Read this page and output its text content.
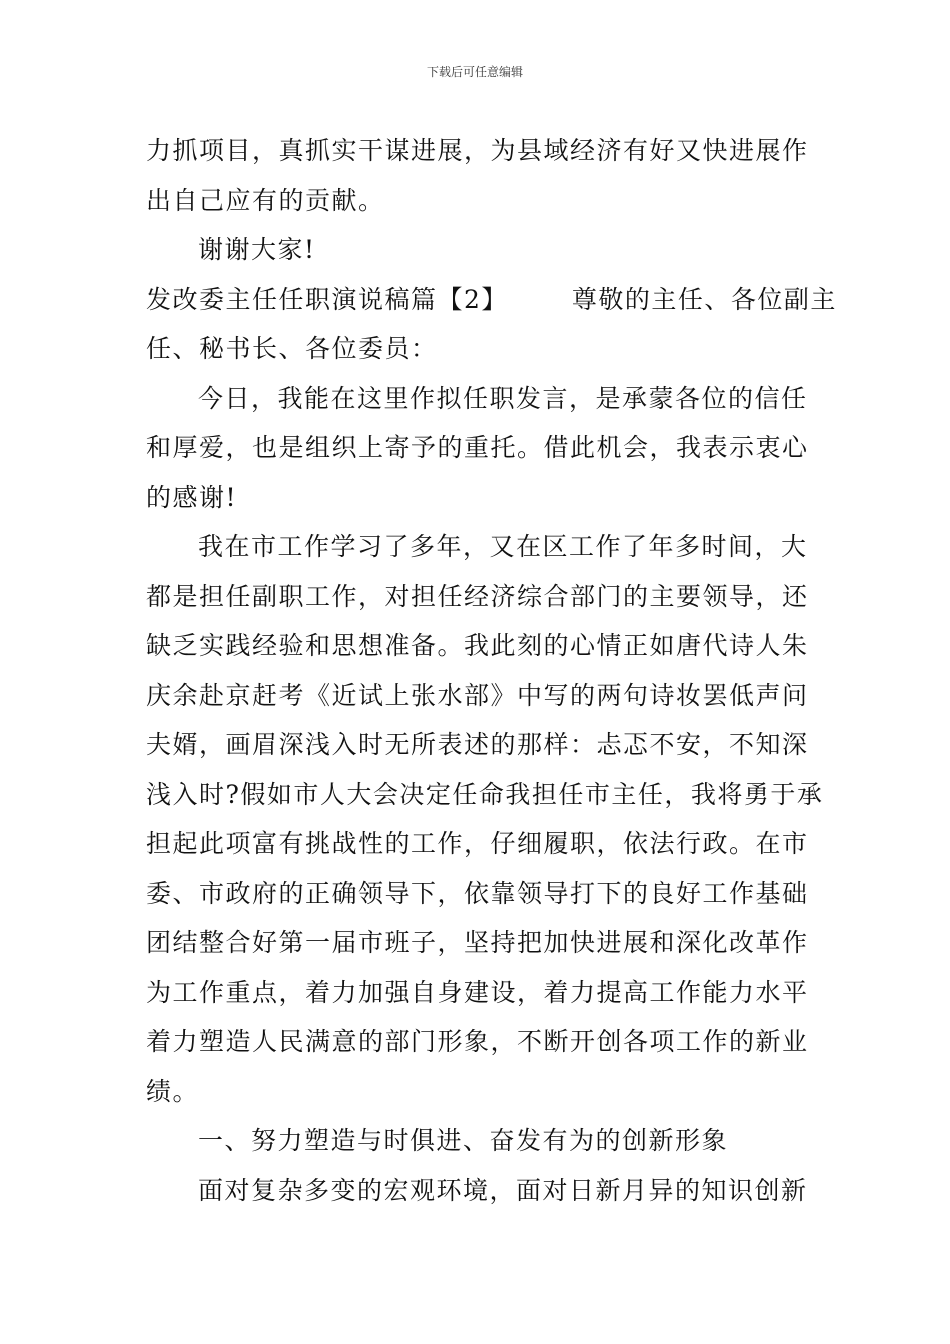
下载后可任意编辑
力抓项目，真抓实干谋进展，为县域经济有好又快进展作
出自己应有的贡献。
谢谢大家!
发改委主任任职演说稿篇【2】	尊敬的主任、各位副主
任、秘书长、各位委员：
今日，我能在这里作拟任职发言，是承蒙各位的信任
和厚爱，也是组织上寄予的重托。借此机会，我表示衷心
的感谢!
我在市工作学习了多年，又在区工作了年多时间，大
都是担任副职工作，对担任经济综合部门的主要领导，还
缺乏实践经验和思想准备。我此刻的心情正如唐代诗人朱
庆余赴京赶考《近试上张水部》中写的两句诗妆罢低声问
夫婿，画眉深浅入时无所表述的那样：忐忑不安，不知深
浅入时?假如市人大会决定任命我担任市主任，我将勇于承
担起此项富有挑战性的工作，仔细履职，依法行政。在市
委、市政府的正确领导下，依靠领导打下的良好工作基础
团结整合好第一届市班子，坚持把加快进展和深化改革作
为工作重点，着力加强自身建设，着力提高工作能力水平
着力塑造人民满意的部门形象，不断开创各项工作的新业
绩。
一、努力塑造与时俱进、奋发有为的创新形象
面对复杂多变的宏观环境，面对日新月异的知识创新
